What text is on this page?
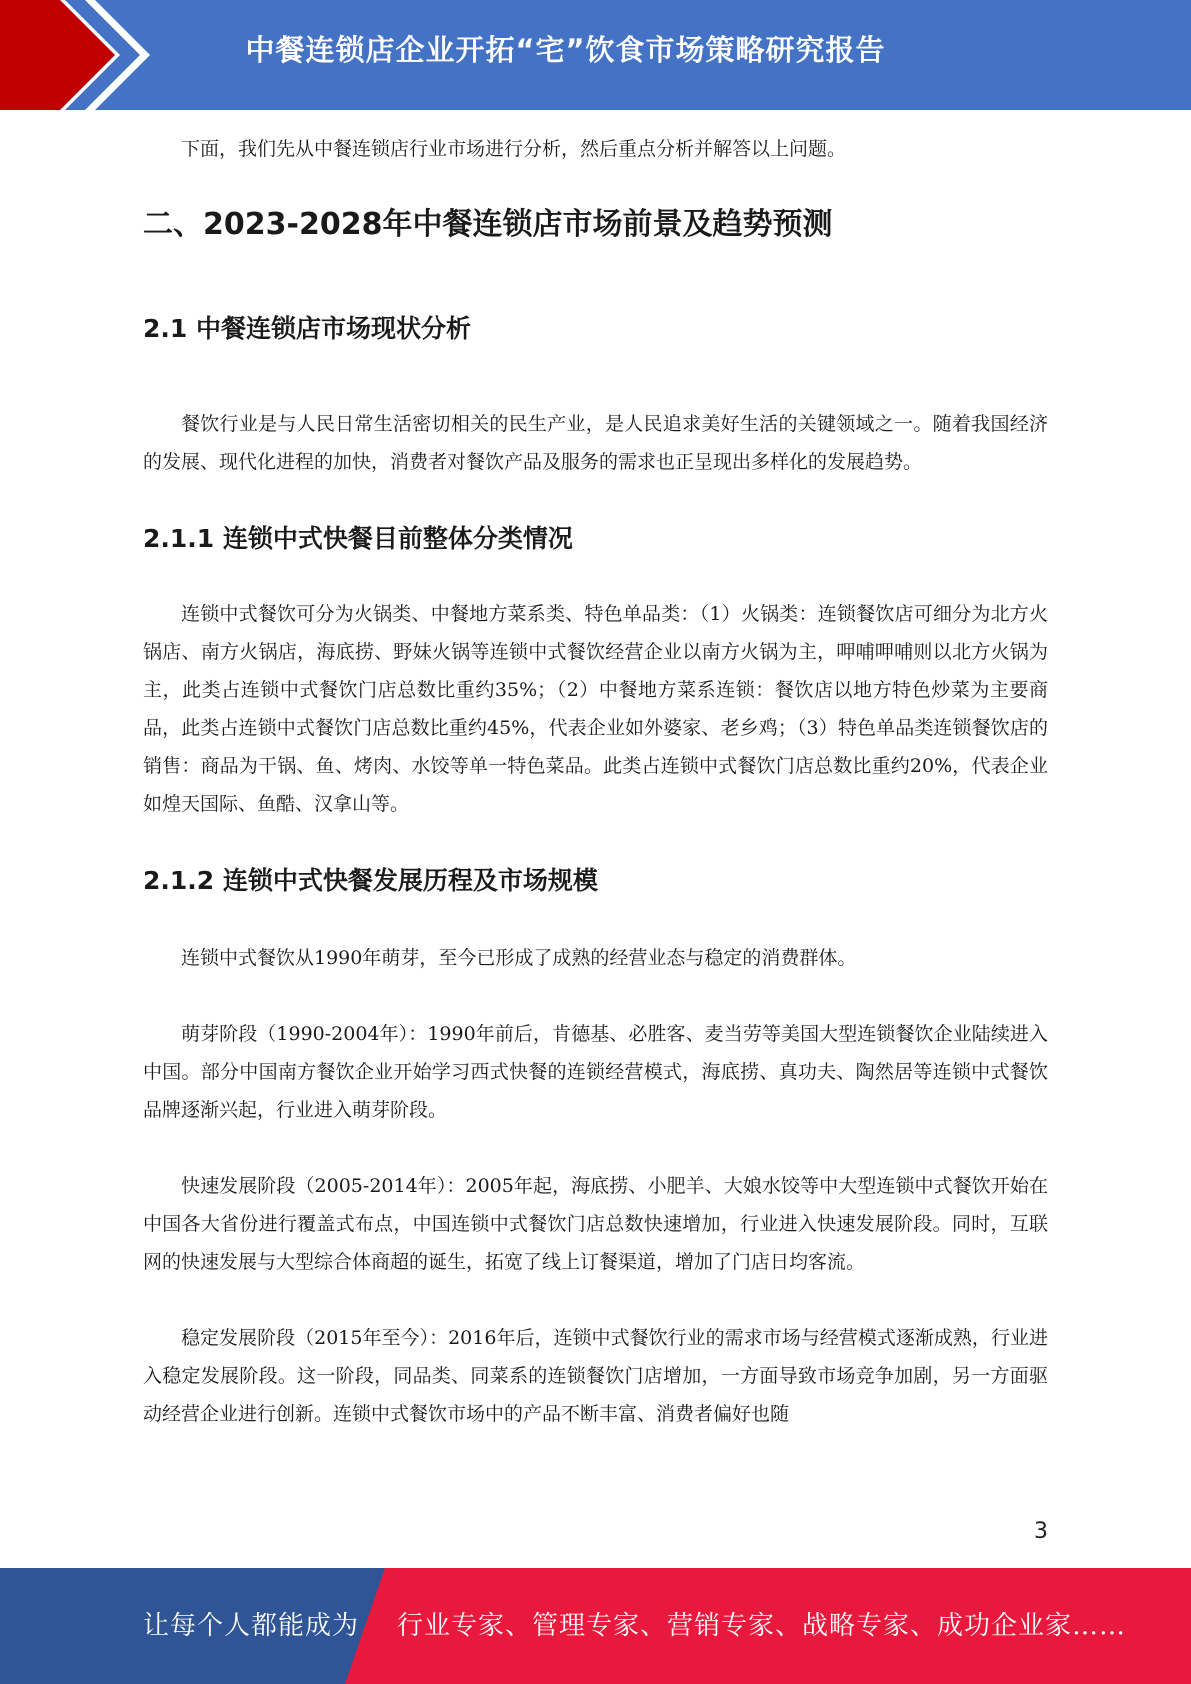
中餐连锁店企业开拓“宅”饮食市场策略研究报告

下面，我们先从中餐连锁店行业市场进行分析，然后重点分析并解答以上问题。

二、2023-2028年中餐连锁店市场前景及趋势预测
2.1 中餐连锁店市场现状分析

餐饮行业是与人民日常生活密切相关的民生产业，是人民追求美好生活的关键领域之一。随着我国经济的发展、现代化进程的加快，消费者对餐饮产品及服务的需求也正呈现出多样化的发展趋势。

2.1.1 连锁中式快餐目前整体分类情况

连锁中式餐饮可分为火锅类、中餐地方菜系类、特色单品类：（1）火锅类：连锁餐饮店可细分为北方火锅店、南方火锅店，海底捞、野妹火锅等连锁中式餐饮经营企业以南方火锅为主，呷哺呷哺则以北方火锅为主，此类占连锁中式餐饮门店总数比重约35%；（2）中餐地方菜系连锁：餐饮店以地方特色炒菜为主要商品，此类占连锁中式餐饮门店总数比重约45%，代表企业如外婆家、老乡鸡；（3）特色单品类连锁餐饮店的销售：商品为干锅、鱼、烤肉、水饺等单一特色菜品。此类占连锁中式餐饮门店总数比重约20%，代表企业如煌天国际、鱼酷、汉拿山等。

2.1.2 连锁中式快餐发展历程及市场规模

连锁中式餐饮从1990年萌芽，至今已形成了成熟的经营业态与稳定的消费群体。

萌芽阶段（1990-2004年）：1990年前后，肯德基、必胜客、麦当劳等美国大型连锁餐饮企业陆续进入中国。部分中国南方餐饮企业开始学习西式快餐的连锁经营模式，海底捞、真功夫、陶然居等连锁中式餐饮品牌逐渐兴起，行业进入萌芽阶段。

快速发展阶段（2005-2014年）：2005年起，海底捞、小肥羊、大娘水饺等中大型连锁中式餐饮开始在中国各大省份进行覆盖式布点，中国连锁中式餐饮门店总数快速增加，行业进入快速发展阶段。同时，互联网的快速发展与大型综合体商超的诞生，拓宽了线上订餐渠道，增加了门店日均客流。

稳定发展阶段（2015年至今）：2016年后，连锁中式餐饮行业的需求市场与经营模式逐渐成熟，行业进入稳定发展阶段。这一阶段，同品类、同菜系的连锁餐饮门店增加，一方面导致市场竞争加剧，另一方面驱动经营企业进行创新。连锁中式餐饮市场中的产品不断丰富、消费者偏好也随

3
让每个人都能成为 行业专家、管理专家、营销专家、战略专家、成功企业家……
